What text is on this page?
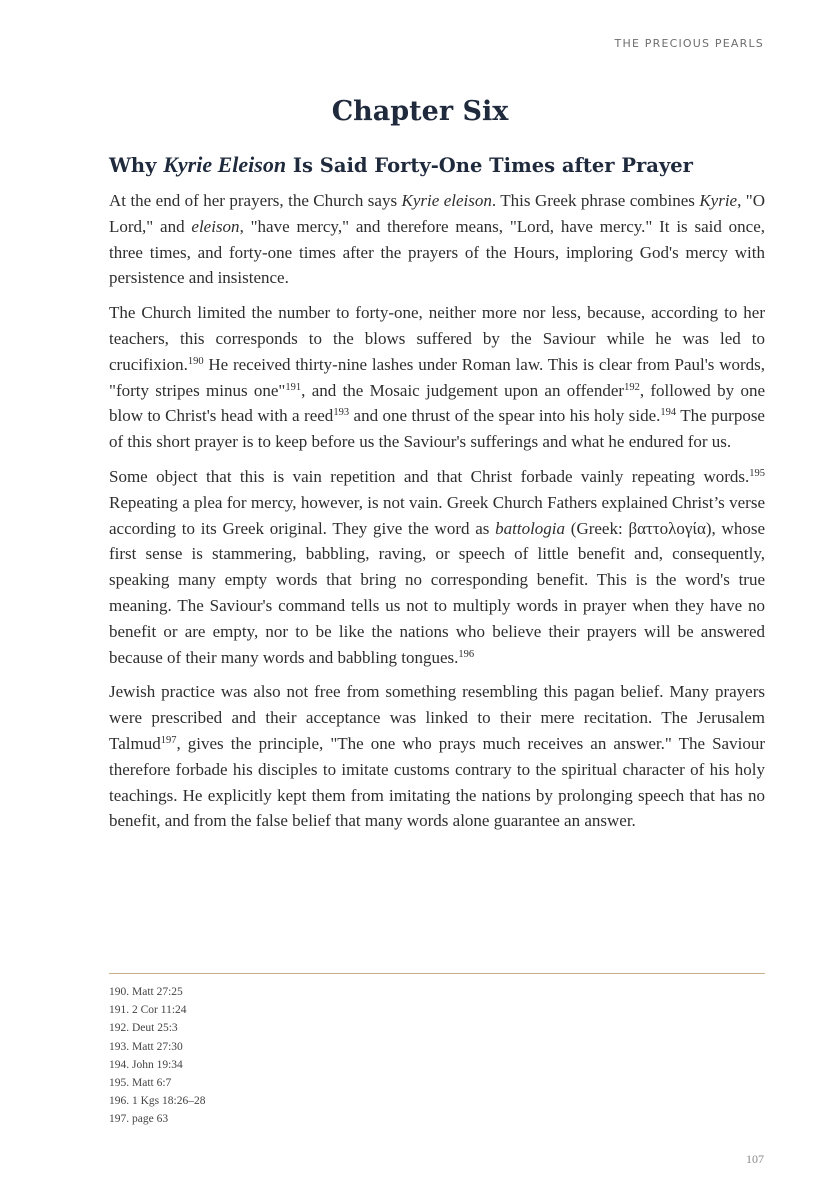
THE PRECIOUS PEARLS
Chapter Six
Why Kyrie Eleison Is Said Forty-One Times after Prayer

At the end of her prayers, the Church says Kyrie eleison. This Greek phrase combines Kyrie, "O Lord," and eleison, "have mercy," and therefore means, "Lord, have mercy." It is said once, three times, and forty-one times after the prayers of the Hours, imploring God's mercy with persistence and insistence.

The Church limited the number to forty-one, neither more nor less, because, according to her teachers, this corresponds to the blows suffered by the Saviour while he was led to crucifixion.$^{190}$ He received thirty-nine lashes under Roman law. This is clear from Paul's words, "forty stripes minus one"$^{191}$, and the Mosaic judgement upon an offender$^{192}$, followed by one blow to Christ's head with a reed$^{193}$ and one thrust of the spear into his holy side.$^{194}$ The purpose of this short prayer is to keep before us the Saviour's sufferings and what he endured for us.

Some object that this is vain repetition and that Christ forbade vainly repeating words.$^{195}$ Repeating a plea for mercy, however, is not vain. Greek Church Fathers explained Christ’s verse according to its Greek original. They give the word as battologia (Greek: βαττολογία), whose first sense is stammering, babbling, raving, or speech of little benefit and, consequently, speaking many empty words that bring no corresponding benefit. This is the word's true meaning. The Saviour's command tells us not to multiply words in prayer when they have no benefit or are empty, nor to be like the nations who believe their prayers will be answered because of their many words and babbling tongues.$^{196}$

Jewish practice was also not free from something resembling this pagan belief. Many prayers were prescribed and their acceptance was linked to their mere recitation. The Jerusalem Talmud$^{197}$, gives the principle, "The one who prays much receives an answer." The Saviour therefore forbade his disciples to imitate customs contrary to the spiritual character of his holy teachings. He explicitly kept them from imitating the nations by prolonging speech that has no benefit, and from the false belief that many words alone guarantee an answer.

190. Matt 27:25
191. 2 Cor 11:24
192. Deut 25:3
193. Matt 27:30
194. John 19:34
195. Matt 6:7
196. 1 Kgs 18:26–28
197. page 63
107
